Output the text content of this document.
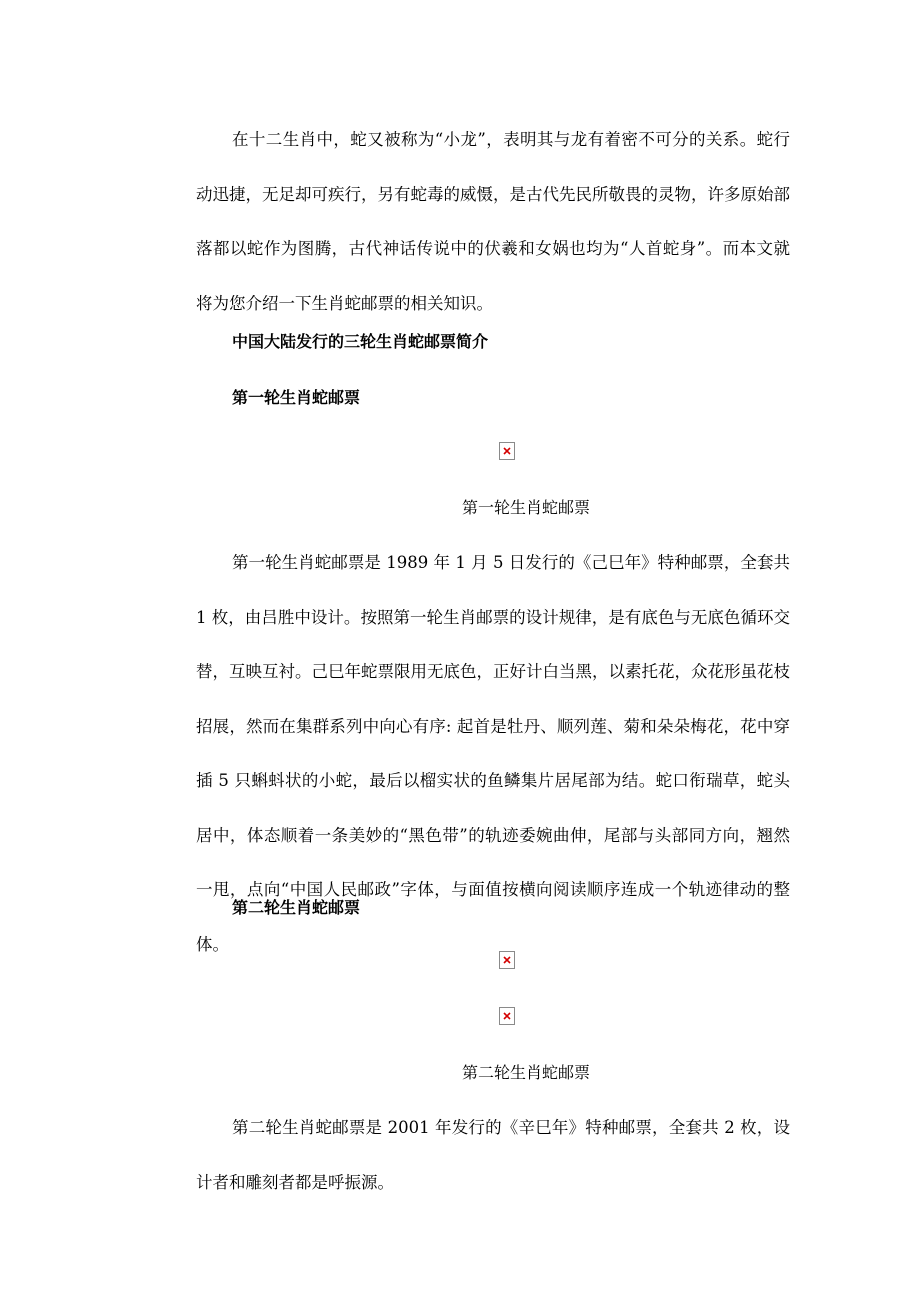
在十二生肖中，蛇又被称为“小龙”，表明其与龙有着密不可分的关系。蛇行动迅捷，无足却可疾行，另有蛇毒的威慑，是古代先民所敬畏的灵物，许多原始部落都以蛇作为图腾，古代神话传说中的伏羲和女娲也均为“人首蛇身”。而本文就将为您介绍一下生肖蛇邮票的相关知识。

中国大陆发行的三轮生肖蛇邮票简介

第一轮生肖蛇邮票

第一轮生肖蛇邮票

第一轮生肖蛇邮票是 1989 年 1 月 5 日发行的《己巳年》特种邮票，全套共 1 枚，由吕胜中设计。按照第一轮生肖邮票的设计规律，是有底色与无底色循环交替，互映互衬。己巳年蛇票限用无底色，正好计白当黑，以素托花，众花形虽花枝招展，然而在集群系列中向心有序: 起首是牡丹、顺列莲、菊和朵朵梅花，花中穿插 5 只蝌蚪状的小蛇，最后以榴实状的鱼鳞集片居尾部为结。蛇口衔瑞草，蛇头居中，体态顺着一条美妙的“黑色带”的轨迹委婉曲伸，尾部与头部同方向，翘然一甩，点向“中国人民邮政”字体，与面值按横向阅读顺序连成一个轨迹律动的整体。

第二轮生肖蛇邮票

第二轮生肖蛇邮票

第二轮生肖蛇邮票是 2001 年发行的《辛巳年》特种邮票，全套共 2 枚，设计者和雕刻者都是呼振源。
